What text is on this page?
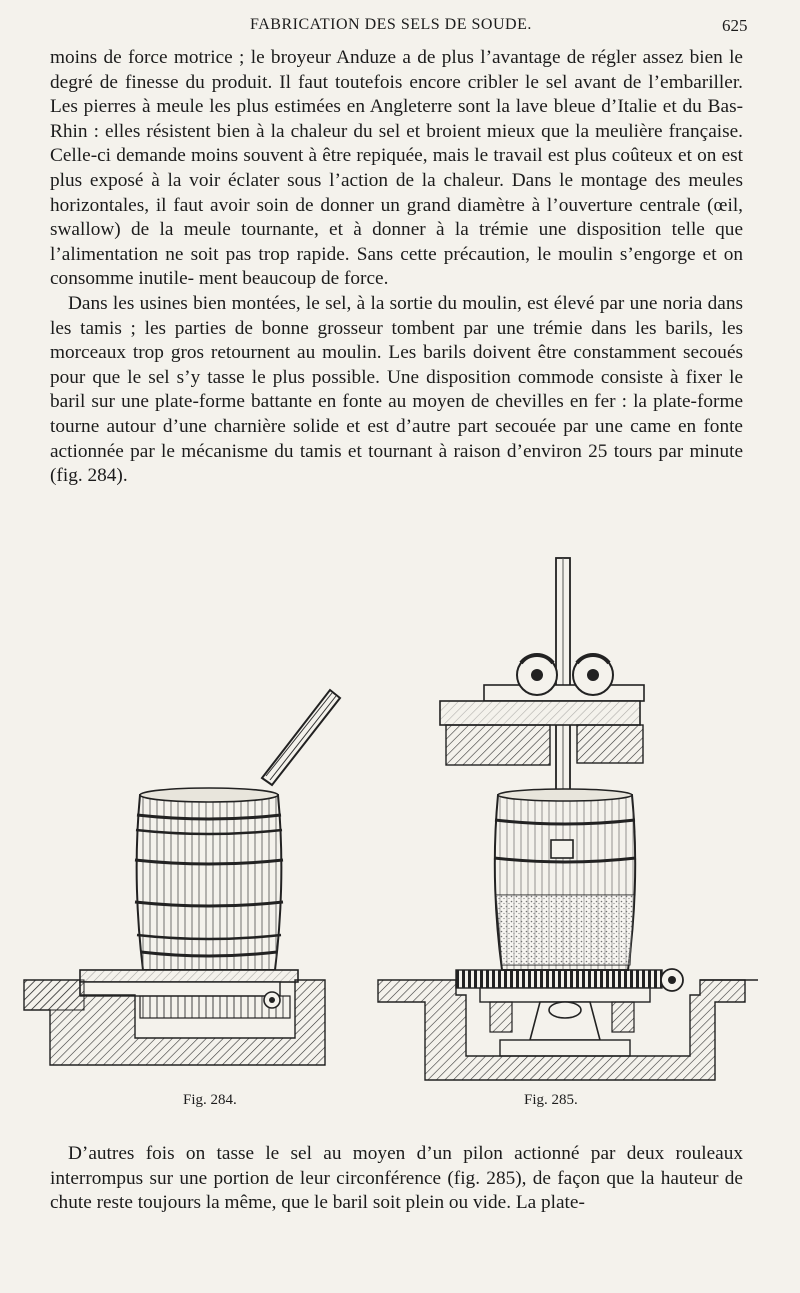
FABRICATION DES SELS DE SOUDE.	625

moins de force motrice ; le broyeur Anduze a de plus l’avantage de régler assez bien le degré de finesse du produit. Il faut toutefois encore cribler le sel avant de l’embariller. Les pierres à meule les plus estimées en Angleterre sont la lave bleue d’Italie et du Bas-Rhin : elles résistent bien à la chaleur du sel et broient mieux que la meulière française. Celle-ci demande moins souvent à être repiquée, mais le travail est plus coûteux et on est plus exposé à la voir éclater sous l’action de la chaleur. Dans le montage des meules horizontales, il faut avoir soin de donner un grand diamètre à l’ouverture centrale (œil, swallow) de la meule tournante, et à donner à la trémie une disposition telle que l’alimentation ne soit pas trop rapide. Sans cette précaution, le moulin s’engorge et on consomme inutile- ment beaucoup de force.

Dans les usines bien montées, le sel, à la sortie du moulin, est élevé par une noria dans les tamis ; les parties de bonne grosseur tombent par une trémie dans les barils, les morceaux trop gros retournent au moulin. Les barils doivent être constamment secoués pour que le sel s’y tasse le plus possible. Une disposition commode consiste à fixer le baril sur une plate-forme battante en fonte au moyen de chevilles en fer : la plate-forme tourne autour d’une charnière solide et est d’autre part secouée par une came en fonte actionnée par le mécanisme du tamis et tournant à raison d’environ 25 tours par minute (fig. 284).

Fig. 284.	Fig. 285.

D’autres fois on tasse le sel au moyen d’un pilon actionné par deux rouleaux interrompus sur une portion de leur circonférence (fig. 285), de façon que la hauteur de chute reste toujours la même, que le baril soit plein ou vide. La plate-
